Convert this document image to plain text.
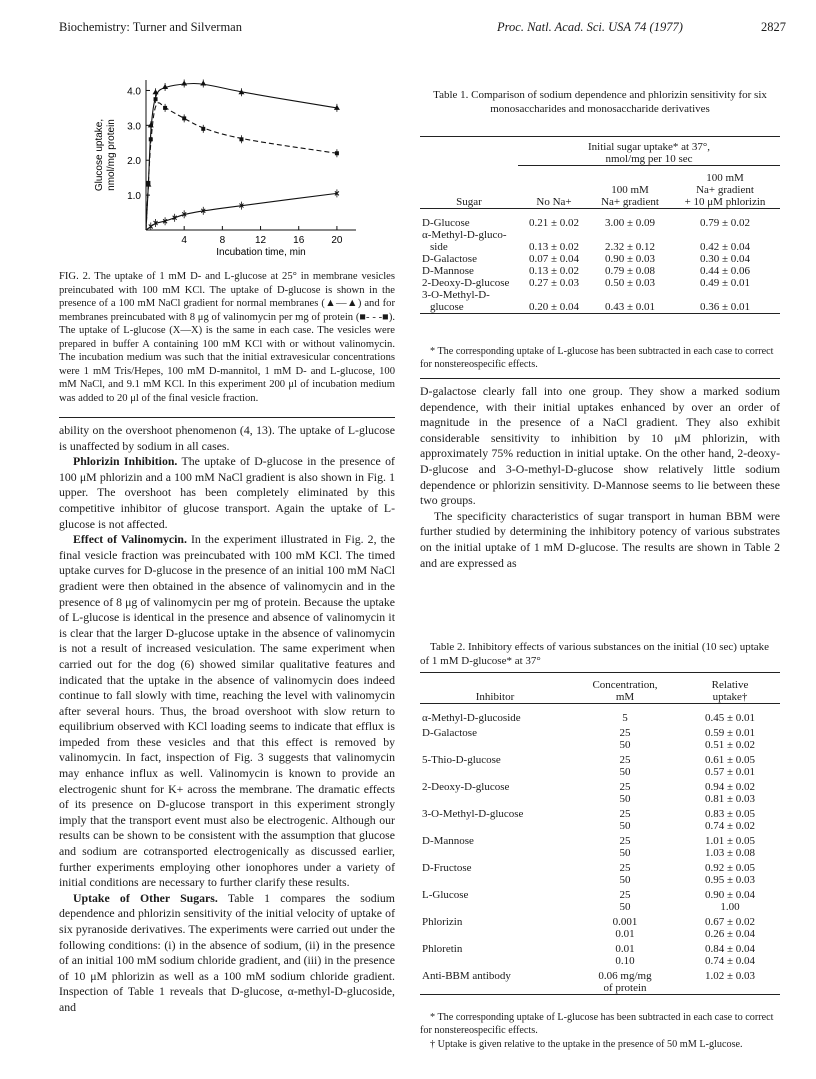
Biochemistry: Turner and Silverman	Proc. Natl. Acad. Sci. USA 74 (1977)	2827
4	8	12	16	20
1.0
2.0
3.0
4.0
Incubation time, min
Glucose uptake, nmol/mg protein
FIG. 2. The uptake of 1 mM D- and L-glucose at 25° in membrane vesicles preincubated with 100 mM KCl. The uptake of D-glucose is shown in the presence of a 100 mM NaCl gradient for normal membranes (▲—▲) and for membranes preincubated with 8 μg of valinomycin per mg of protein (■- - -■). The uptake of L-glucose (X—X) is the same in each case. The vesicles were prepared in buffer A containing 100 mM KCl with or without valinomycin. The incubation medium was such that the initial extravesicular concentrations were 1 mM Tris/Hepes, 100 mM D-mannitol, 1 mM D- and L-glucose, 100 mM NaCl, and 9.1 mM KCl. In this experiment 200 μl of incubation medium was added to 20 μl of the final vesicle fraction.

ability on the overshoot phenomenon (4, 13). The uptake of L-glucose is unaffected by sodium in all cases.

Phlorizin Inhibition. The uptake of D-glucose in the presence of 100 μM phlorizin and a 100 mM NaCl gradient is also shown in Fig. 1 upper. The overshoot has been completely eliminated by this competitive inhibitor of glucose transport. Again the uptake of L-glucose is not affected.

Effect of Valinomycin. In the experiment illustrated in Fig. 2, the final vesicle fraction was preincubated with 100 mM KCl. The timed uptake curves for D-glucose in the presence of an initial 100 mM NaCl gradient were then obtained in the absence of valinomycin and in the presence of 8 μg of valinomycin per mg of protein. Because the uptake of L-glucose is identical in the presence and absence of valinomycin it is clear that the larger D-glucose uptake in the absence of valinomycin is not a result of increased vesiculation. The same experiment when carried out for the dog (6) showed similar qualitative features and indicated that the uptake in the absence of valinomycin does indeed continue to fall slowly with time, reaching the level with valinomycin after several hours. Thus, the broad overshoot with slow return to equilibrium observed with KCl loading seems to indicate that efflux is impeded from these vesicles and that this effect is removed by valinomycin. In fact, inspection of Fig. 3 suggests that valinomycin may enhance influx as well. Valinomycin is known to provide an electrogenic shunt for K+ across the membrane. The dramatic effects of its presence on D-glucose transport in this experiment strongly imply that the transport event must also be electrogenic. Although our results can be shown to be consistent with the assumption that glucose and sodium are cotransported electrogenically as discussed earlier, further experiments employing other ionophores under a variety of initial conditions are necessary to further clarify these results.

Uptake of Other Sugars. Table 1 compares the sodium dependence and phlorizin sensitivity of the initial velocity of uptake of six pyranoside derivatives. The experiments were carried out under the following conditions: (i) in the absence of sodium, (ii) in the presence of an initial 100 mM sodium chloride gradient, and (iii) in the presence of 10 μM phlorizin as well as a 100 mM sodium chloride gradient. Inspection of Table 1 reveals that D-glucose, α-methyl-D-glucoside, and

Table 1. Comparison of sodium dependence and phlorizin sensitivity for six monosaccharides and monosaccharide derivatives

	Initial sugar uptake* at 37°,		
	nmol/mg per 10 sec		

			100 mM
		100 mM	Na+ gradient
Sugar	No Na+	Na+ gradient	+ 10 μM phlorizin

D-Glucose	0.21 ± 0.02	3.00 ± 0.09	0.79 ± 0.02
α-Methyl-D-gluco-			
side	0.13 ± 0.02	2.32 ± 0.12	0.42 ± 0.04
D-Galactose	0.07 ± 0.04	0.90 ± 0.03	0.30 ± 0.04
D-Mannose	0.13 ± 0.02	0.79 ± 0.08	0.44 ± 0.06
2-Deoxy-D-glucose	0.27 ± 0.03	0.50 ± 0.03	0.49 ± 0.01
3-O-Methyl-D-			
glucose	0.20 ± 0.04	0.43 ± 0.01	0.36 ± 0.01

* The corresponding uptake of L-glucose has been subtracted in each case to correct for nonstereospecific effects.

D-galactose clearly fall into one group. They show a marked sodium dependence, with their initial uptakes enhanced by over an order of magnitude in the presence of a NaCl gradient. They also exhibit considerable sensitivity to inhibition by 10 μM phlorizin, with approximately 75% reduction in initial uptake. On the other hand, 2-deoxy-D-glucose and 3-O-methyl-D-glucose show relatively little sodium dependence or phlorizin sensitivity. D-Mannose seems to lie between these two groups.

The specificity characteristics of sugar transport in human BBM were further studied by determining the inhibitory potency of various substrates on the initial uptake of 1 mM D-glucose. The results are shown in Table 2 and are expressed as

Table 2. Inhibitory effects of various substances on the initial (10 sec) uptake of 1 mM D-glucose* at 37°

	Concentration,	Relative
Inhibitor	mM	uptake†

α-Methyl-D-glucoside	5	0.45 ± 0.01
D-Galactose	25	0.59 ± 0.01
	50	0.51 ± 0.02
5-Thio-D-glucose	25	0.61 ± 0.05
	50	0.57 ± 0.01
2-Deoxy-D-glucose	25	0.94 ± 0.02
	50	0.81 ± 0.03
3-O-Methyl-D-glucose	25	0.83 ± 0.05
	50	0.74 ± 0.02
D-Mannose	25	1.01 ± 0.05
	50	1.03 ± 0.08
D-Fructose	25	0.92 ± 0.05
	50	0.95 ± 0.03
L-Glucose	25	0.90 ± 0.04
	50	1.00
Phlorizin	0.001	0.67 ± 0.02
	0.01	0.26 ± 0.04
Phloretin	0.01	0.84 ± 0.04
	0.10	0.74 ± 0.04
Anti-BBM antibody	0.06 mg/mg	1.02 ± 0.03
	of protein	

* The corresponding uptake of L-glucose has been subtracted in each case to correct for nonstereospecific effects.
† Uptake is given relative to the uptake in the presence of 50 mM L-glucose.
